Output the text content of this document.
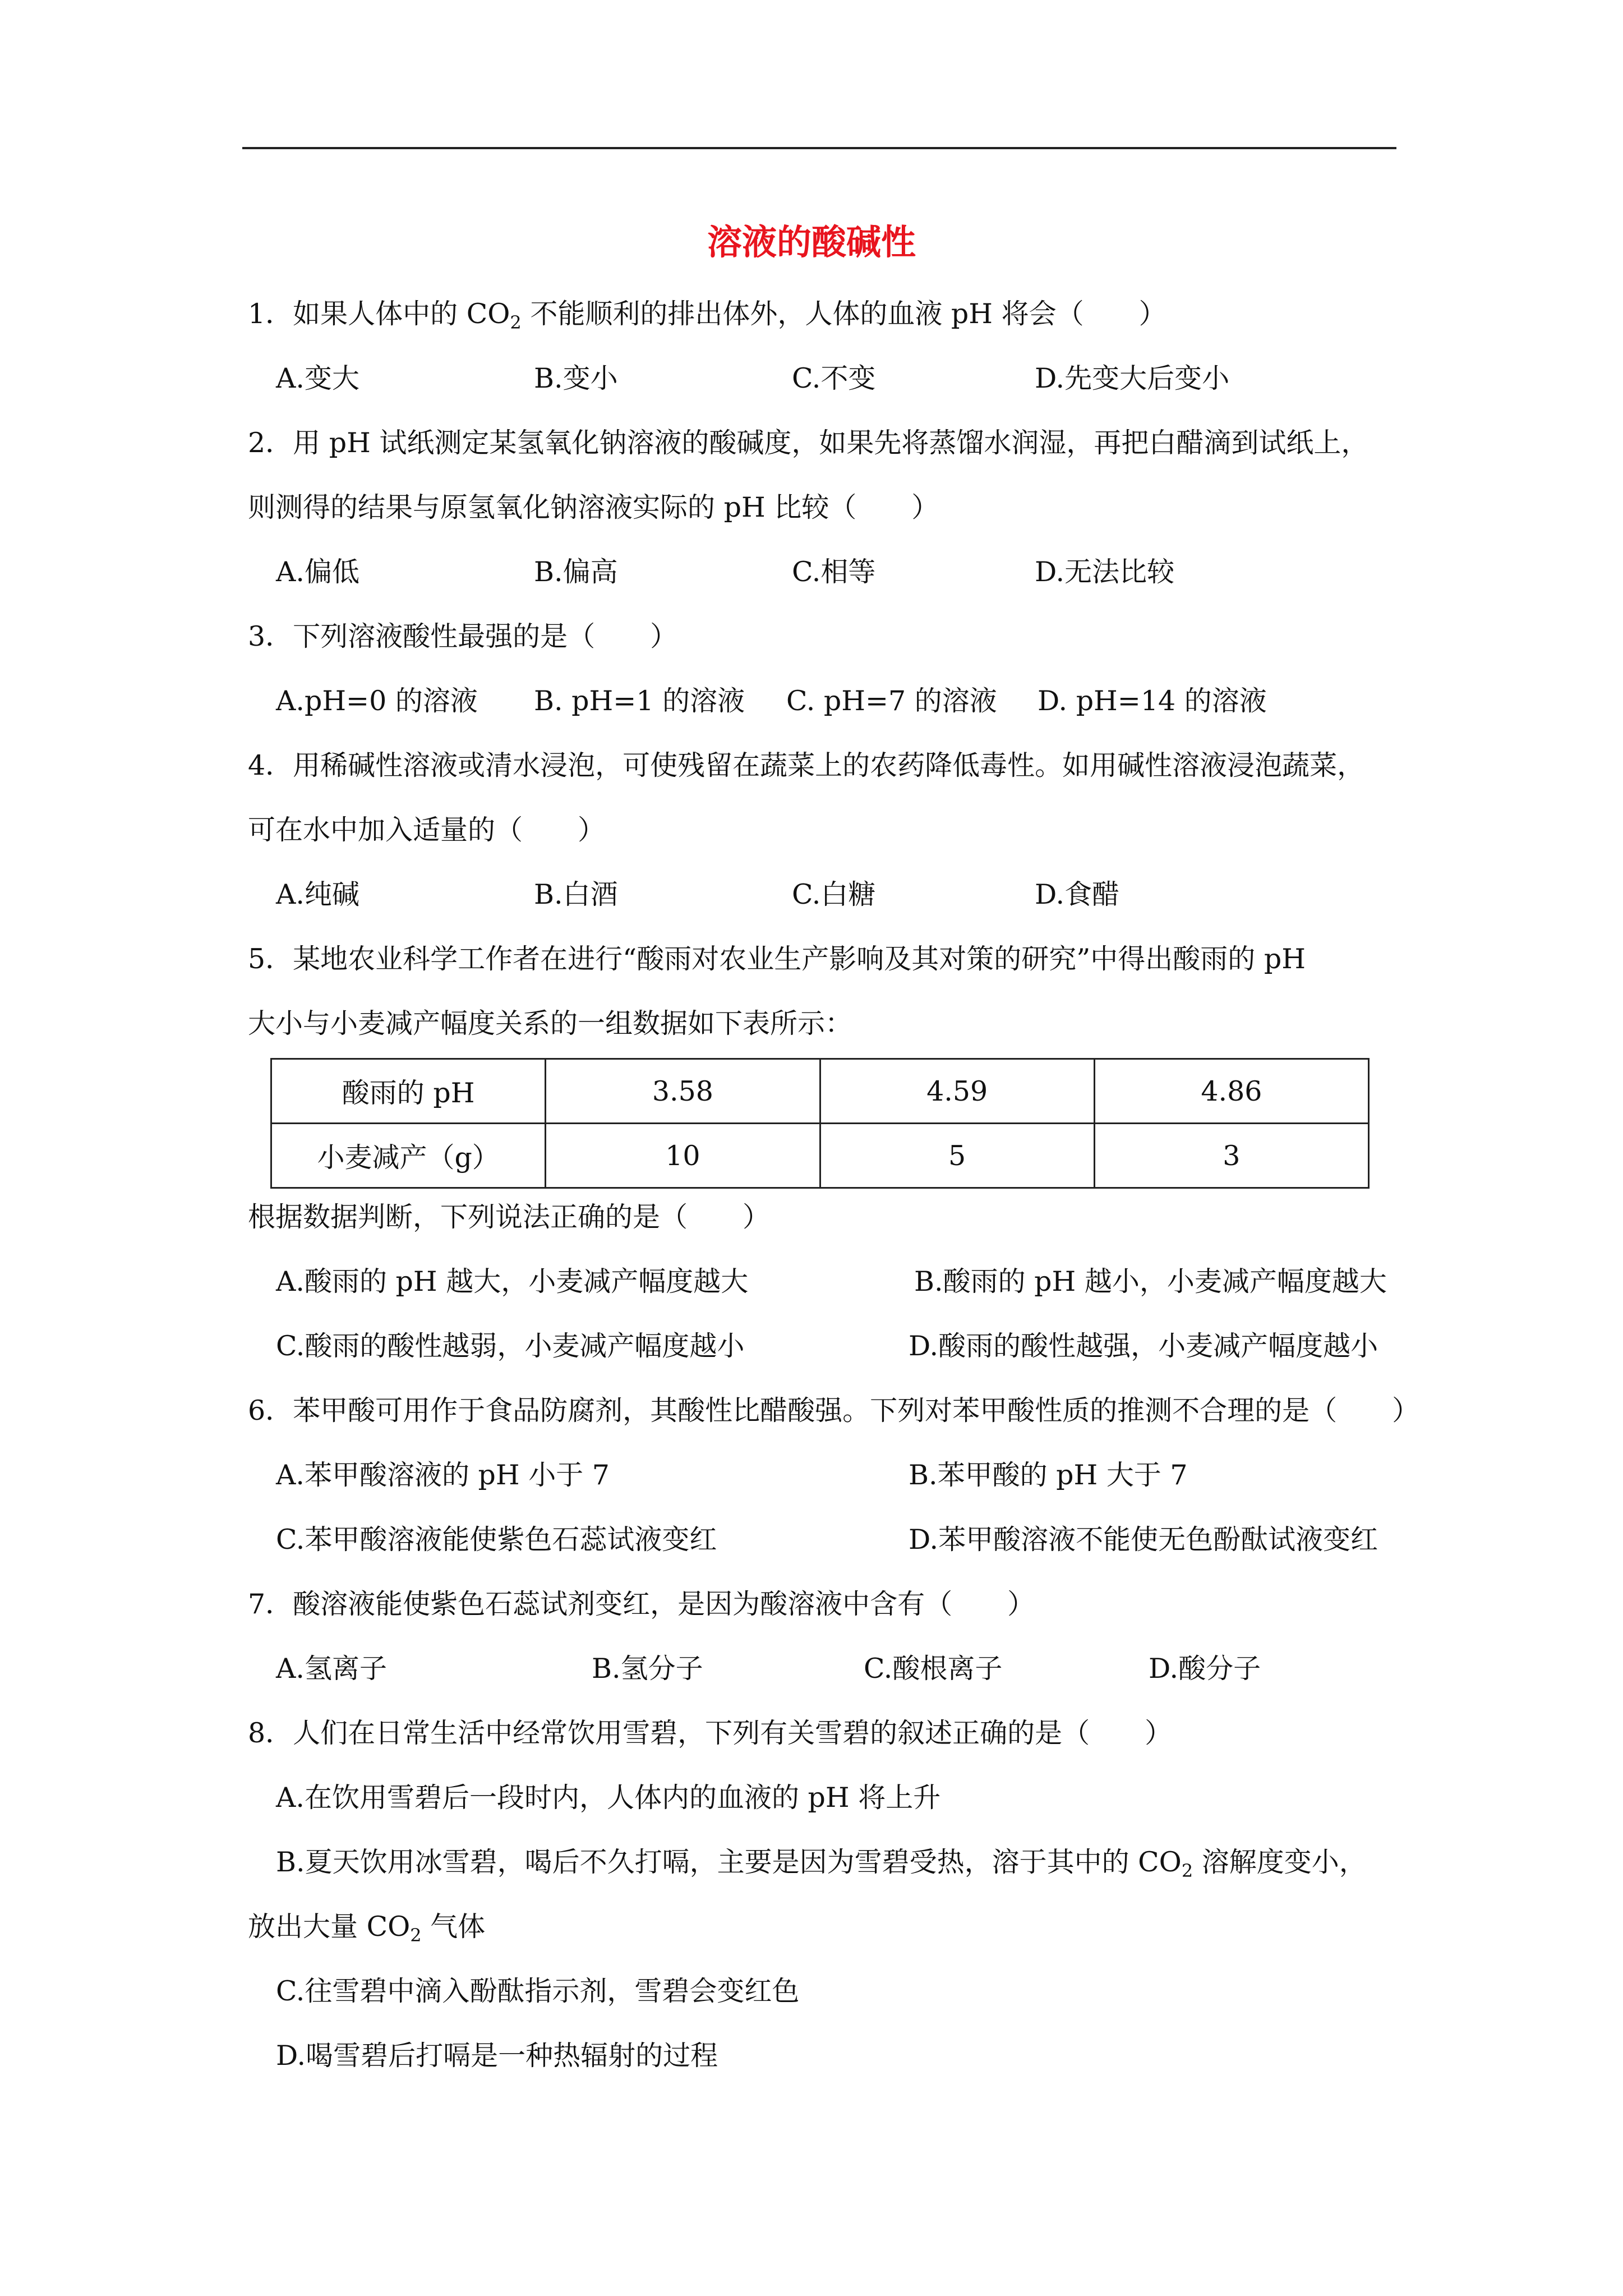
溶液的酸碱性
1．如果人体中的 $CO_2$ 不能顺利的排出体外，人体的血液 pH 将会（　　）
A.变大	B.变小	C.不变	D.先变大后变小
2．用 pH 试纸测定某氢氧化钠溶液的酸碱度，如果先将蒸馏水润湿，再把白醋滴到试纸上，
则测得的结果与原氢氧化钠溶液实际的 pH 比较（　　）
A.偏低	B.偏高	C.相等	D.无法比较
3．下列溶液酸性最强的是（　　）
A.pH=0 的溶液 B. pH=1 的溶液 C. pH=7 的溶液 D. pH=14 的溶液
4．用稀碱性溶液或清水浸泡，可使残留在蔬菜上的农药降低毒性。如用碱性溶液浸泡蔬菜，
可在水中加入适量的（　　）
A.纯碱	B.白酒	C.白糖	D.食醋
5．某地农业科学工作者在进行“酸雨对农业生产影响及其对策的研究”中得出酸雨的 pH
大小与小麦减产幅度关系的一组数据如下表所示：
酸雨的 pH	3.58	4.59	4.86
小麦减产（g）	10	5	3
根据数据判断，下列说法正确的是（　　）
A.酸雨的 pH 越大，小麦减产幅度越大	B.酸雨的 pH 越小，小麦减产幅度越大
C.酸雨的酸性越弱，小麦减产幅度越小	D.酸雨的酸性越强，小麦减产幅度越小
6．苯甲酸可用作于食品防腐剂，其酸性比醋酸强。下列对苯甲酸性质的推测不合理的是（　　）
A.苯甲酸溶液的 pH 小于 7	B.苯甲酸的 pH 大于 7
C.苯甲酸溶液能使紫色石蕊试液变红	D.苯甲酸溶液不能使无色酚酞试液变红
7．酸溶液能使紫色石蕊试剂变红，是因为酸溶液中含有（　　）
A.氢离子	B.氢分子	C.酸根离子	D.酸分子
8．人们在日常生活中经常饮用雪碧，下列有关雪碧的叙述正确的是（　　）
A.在饮用雪碧后一段时内，人体内的血液的 pH 将上升
B.夏天饮用冰雪碧，喝后不久打嗝，主要是因为雪碧受热，溶于其中的 $CO_2$ 溶解度变小，
放出大量 $CO_2$ 气体
C.往雪碧中滴入酚酞指示剂，雪碧会变红色
D.喝雪碧后打嗝是一种热辐射的过程
